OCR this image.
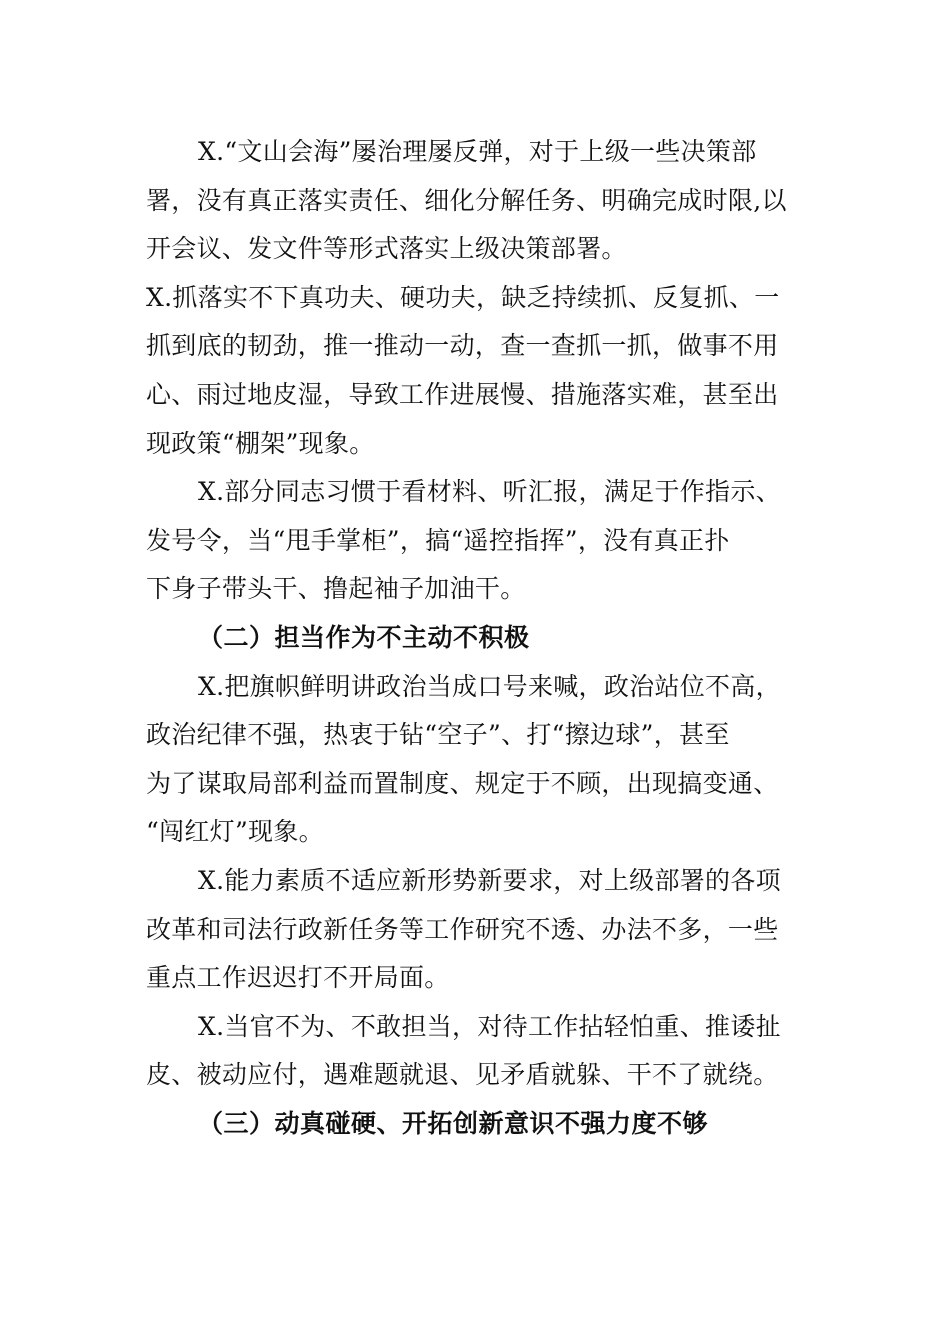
X.“文山会海”屡治理屡反弹，对于上级一些决策部
署，没有真正落实责任、细化分解任务、明确完成时限,以
开会议、发文件等形式落实上级决策部署。
X.抓落实不下真功夫、硬功夫，缺乏持续抓、反复抓、一
抓到底的韧劲，推一推动一动，查一查抓一抓，做事不用
心、雨过地皮湿，导致工作进展慢、措施落实难，甚至出
现政策“棚架”现象。
X.部分同志习惯于看材料、听汇报，满足于作指示、
发号令，当“甩手掌柜”，搞“遥控指挥”，没有真正扑
下身子带头干、撸起袖子加油干。
（二）担当作为不主动不积极
X.把旗帜鲜明讲政治当成口号来喊，政治站位不高，
政治纪律不强，热衷于钻“空子”、打“擦边球”，甚至
为了谋取局部利益而置制度、规定于不顾，出现搞变通、
“闯红灯”现象。
X.能力素质不适应新形势新要求，对上级部署的各项
改革和司法行政新任务等工作研究不透、办法不多，一些
重点工作迟迟打不开局面。
X.当官不为、不敢担当，对待工作拈轻怕重、推诿扯
皮、被动应付，遇难题就退、见矛盾就躲、干不了就绕。
（三）动真碰硬、开拓创新意识不强力度不够
